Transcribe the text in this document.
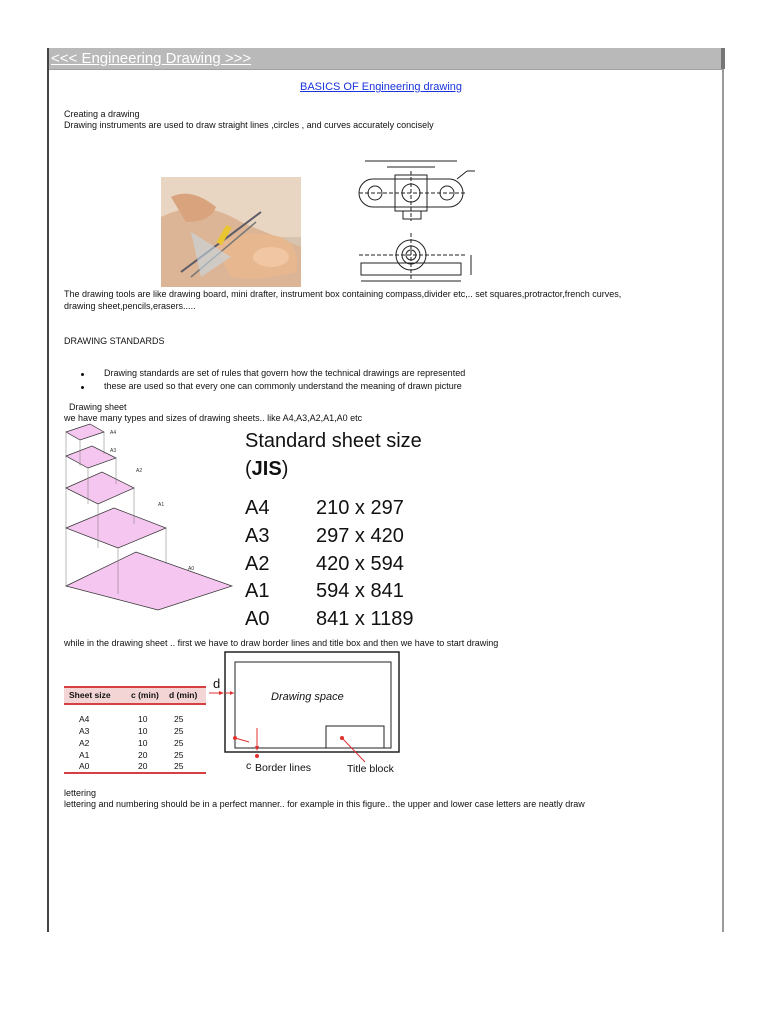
<<< Engineering Drawing >>>
BASICS OF Engineering drawing
Creating a drawing
Drawing instruments are used to draw straight lines ,circles , and curves accurately concisely
The drawing tools are like drawing board, mini drafter, instrument box containing compass,divider etc,.. set squares,protractor,french curves,
drawing sheet,pencils,erasers.....
DRAWING STANDARDS
Drawing standards are set of rules that govern how the technical drawings are represented
these are used so that every one can commonly understand the meaning of drawn picture
Drawing sheet
we have many types and sizes of drawing sheets.. like A4,A3,A2,A1,A0 etc
A4
A3
A2
A1
A0
Standard sheet size
(JIS)
A4 210 x 297
A3 297 x 420
A2 420 x 594
A1 594 x 841
A0 841 x 1189
while in the drawing sheet .. first we have to draw border lines and title box and then we have to start drawing
Sheet size c (min) d (min)
A4	10	25
A3	10	25
A2	10	25
A1	20	25
A0	20	25
d
Drawing space
c Border lines	Title block
lettering
lettering and numbering should be in a perfect manner.. for example in this figure.. the upper and lower case letters are neatly draw
